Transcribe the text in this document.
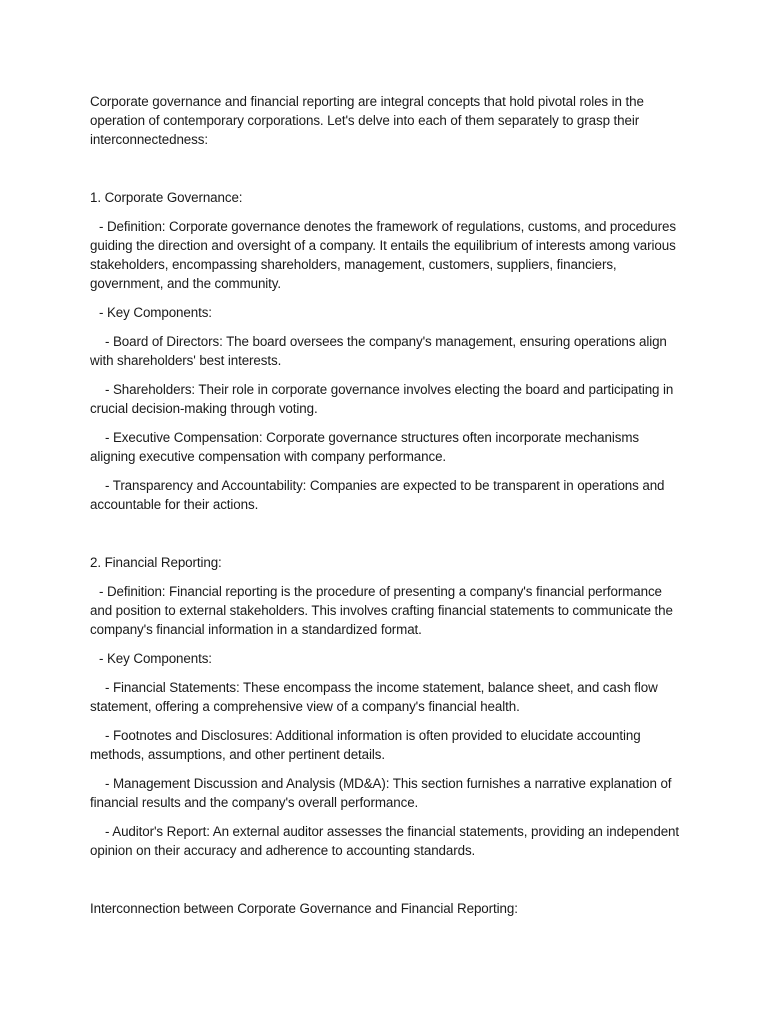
Corporate governance and financial reporting are integral concepts that hold pivotal roles in the operation of contemporary corporations. Let's delve into each of them separately to grasp their interconnectedness:

1. Corporate Governance:

- Definition: Corporate governance denotes the framework of regulations, customs, and procedures guiding the direction and oversight of a company. It entails the equilibrium of interests among various stakeholders, encompassing shareholders, management, customers, suppliers, financiers, government, and the community.

- Key Components:

- Board of Directors: The board oversees the company's management, ensuring operations align with shareholders' best interests.

- Shareholders: Their role in corporate governance involves electing the board and participating in crucial decision-making through voting.

- Executive Compensation: Corporate governance structures often incorporate mechanisms aligning executive compensation with company performance.

- Transparency and Accountability: Companies are expected to be transparent in operations and accountable for their actions.

2. Financial Reporting:

- Definition: Financial reporting is the procedure of presenting a company's financial performance and position to external stakeholders. This involves crafting financial statements to communicate the company's financial information in a standardized format.

- Key Components:

- Financial Statements: These encompass the income statement, balance sheet, and cash flow statement, offering a comprehensive view of a company's financial health.

- Footnotes and Disclosures: Additional information is often provided to elucidate accounting methods, assumptions, and other pertinent details.

- Management Discussion and Analysis (MD&A): This section furnishes a narrative explanation of financial results and the company's overall performance.

- Auditor's Report: An external auditor assesses the financial statements, providing an independent opinion on their accuracy and adherence to accounting standards.

Interconnection between Corporate Governance and Financial Reporting:
